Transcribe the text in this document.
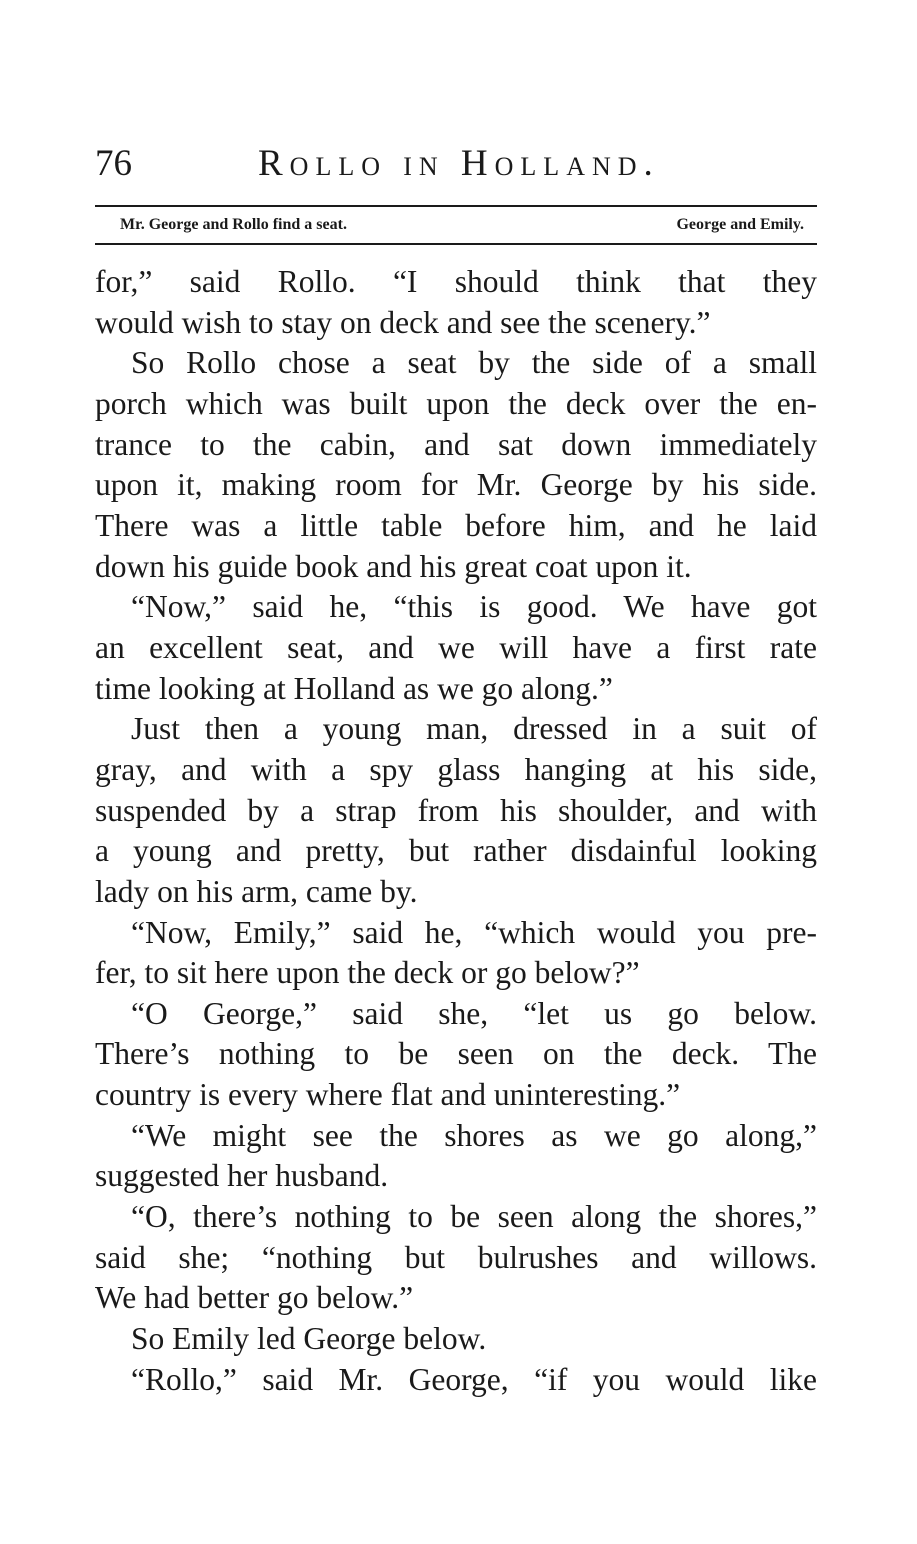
76	Rollo in Holland.
Mr. George and Rollo find a seat.	George and Emily.
for,” said Rollo. “I should think that they
would wish to stay on deck and see the scenery.”
So Rollo chose a seat by the side of a small
porch which was built upon the deck over the en-
trance to the cabin, and sat down immediately
upon it, making room for Mr. George by his side.
There was a little table before him, and he laid
down his guide book and his great coat upon it.
“Now,” said he, “this is good. We have got
an excellent seat, and we will have a first rate
time looking at Holland as we go along.”
Just then a young man, dressed in a suit of
gray, and with a spy glass hanging at his side,
suspended by a strap from his shoulder, and with
a young and pretty, but rather disdainful looking
lady on his arm, came by.
“Now, Emily,” said he, “which would you pre-
fer, to sit here upon the deck or go below?”
“O George,” said she, “let us go below.
There’s nothing to be seen on the deck. The
country is every where flat and uninteresting.”
“We might see the shores as we go along,”
suggested her husband.
“O, there’s nothing to be seen along the shores,”
said she; “nothing but bulrushes and willows.
We had better go below.”
So Emily led George below.
“Rollo,” said Mr. George, “if you would like
